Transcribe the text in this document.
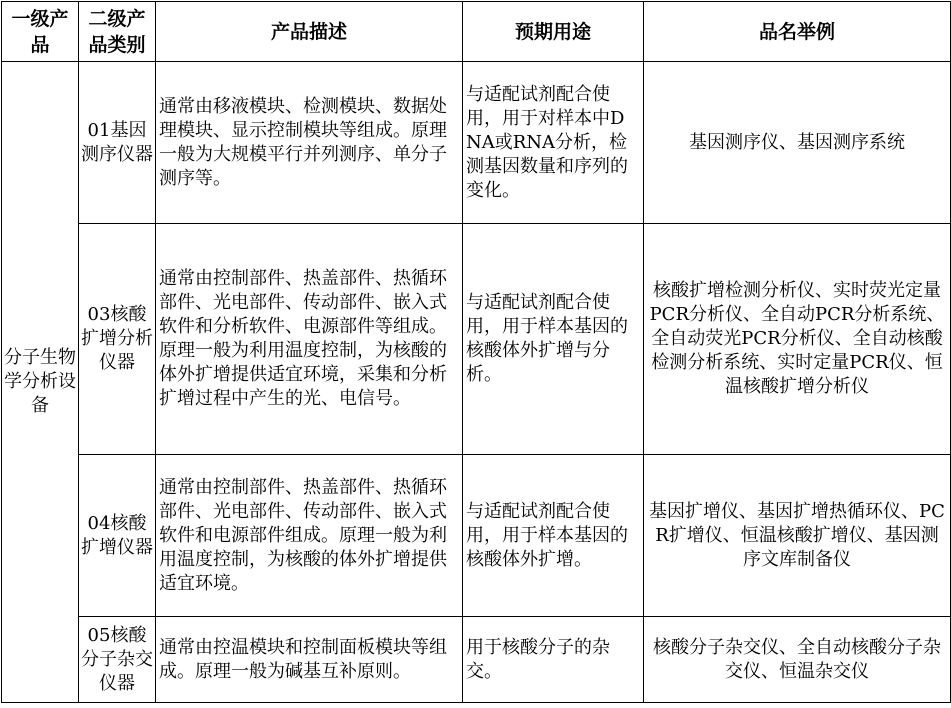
一级产品	二级产品类别	产品描述	预期用途	品名举例
分子生物学分析设备	01基因测序仪器	通常由移液模块、检测模块、数据处理模块、显示控制模块等组成。原理一般为大规模平行并列测序、单分子测序等。	与适配试剂配合使用，用于对样本中DNA或RNA分析，检测基因数量和序列的变化。	基因测序仪、基因测序系统
	03核酸扩增分析仪器	通常由控制部件、热盖部件、热循环部件、光电部件、传动部件、嵌入式软件和分析软件、电源部件等组成。原理一般为利用温度控制，为核酸的体外扩增提供适宜环境，采集和分析扩增过程中产生的光、电信号。	与适配试剂配合使用，用于样本基因的核酸体外扩增与分析。	核酸扩增检测分析仪、实时荧光定量PCR分析仪、全自动PCR分析系统、全自动荧光PCR分析仪、全自动核酸检测分析系统、实时定量PCR仪、恒温核酸扩增分析仪
	04核酸扩增仪器	通常由控制部件、热盖部件、热循环部件、光电部件、传动部件、嵌入式软件和电源部件组成。原理一般为利用温度控制，为核酸的体外扩增提供适宜环境。	与适配试剂配合使用，用于样本基因的核酸体外扩增。	基因扩增仪、基因扩增热循环仪、PCR扩增仪、恒温核酸扩增仪、基因测序文库制备仪
	05核酸分子杂交仪器	通常由控温模块和控制面板模块等组成。原理一般为碱基互补原则。	用于核酸分子的杂交。	核酸分子杂交仪、全自动核酸分子杂交仪、恒温杂交仪
